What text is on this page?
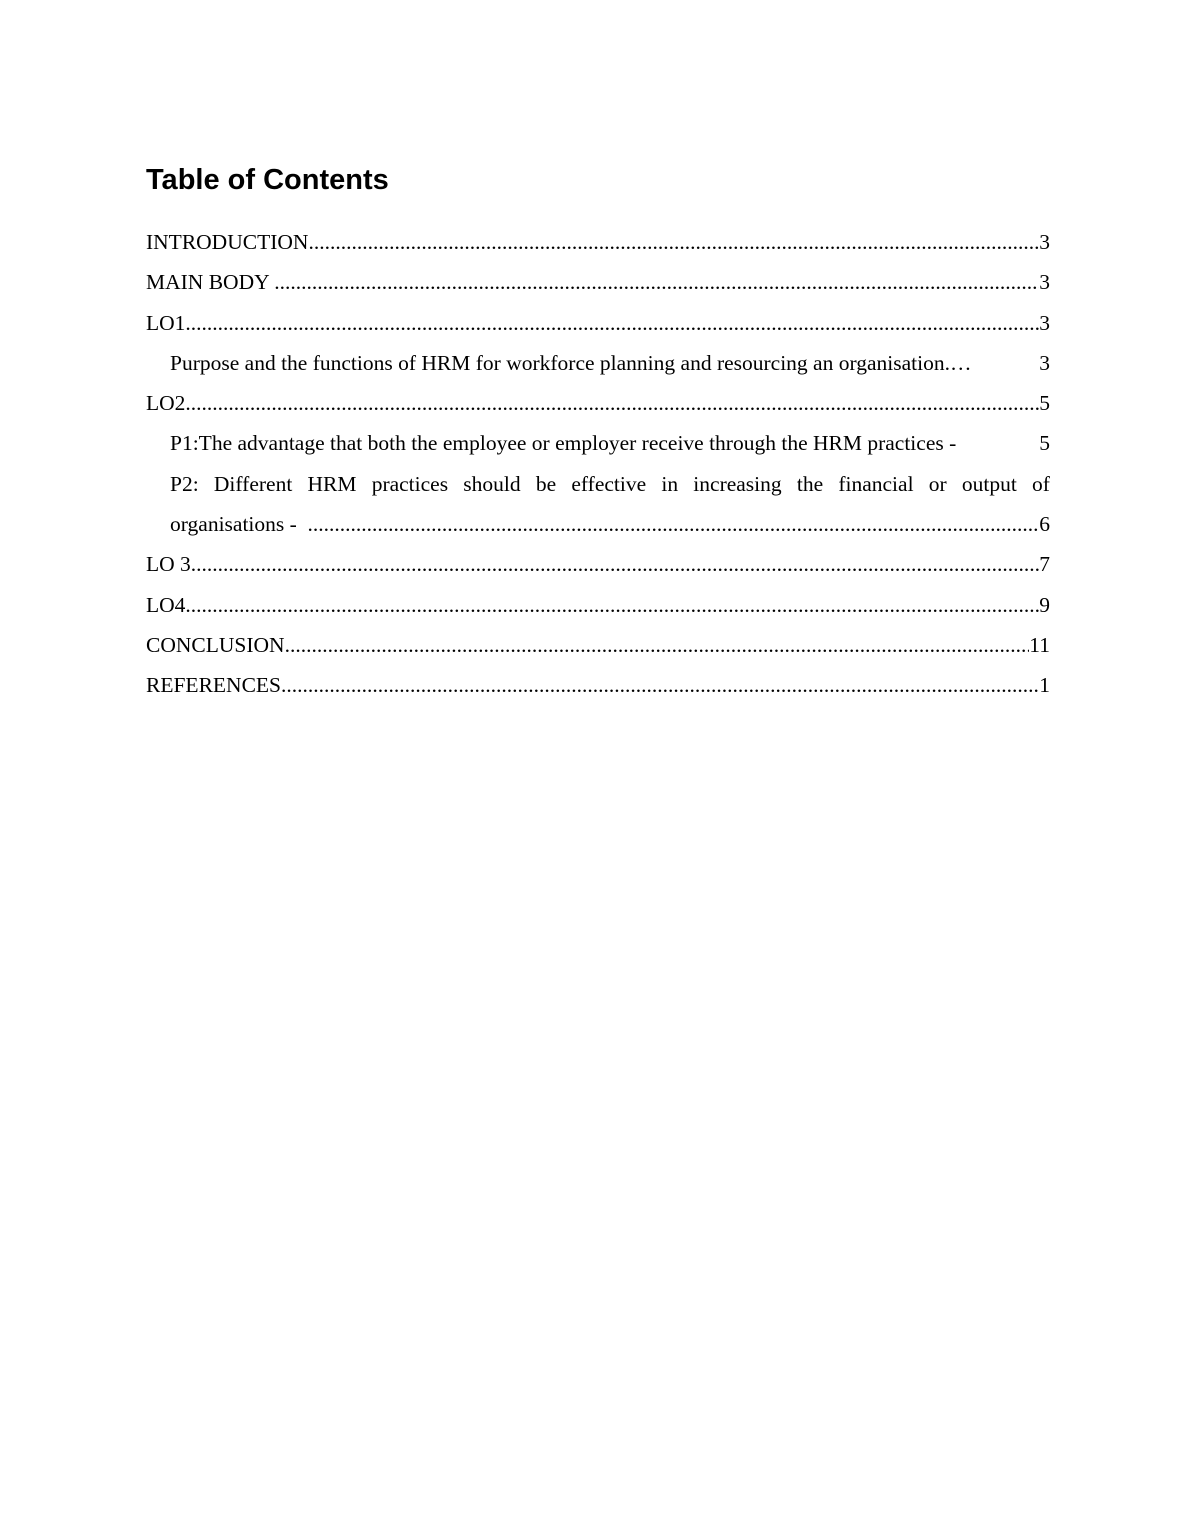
Table of Contents
INTRODUCTION .....	3
MAIN BODY .....	3
LO1 .....	3
Purpose and the functions of HRM for workforce planning and resourcing an organisation. …	3
LO2 .....	5
P1:The advantage that both the employee or employer receive through the HRM practices -	5
P2: Different HRM practices should be effective in increasing the financial or output of
organisations - .....	6
LO 3 .....	7
LO4 .....	9
CONCLUSION .....	11
REFERENCES .....	1
